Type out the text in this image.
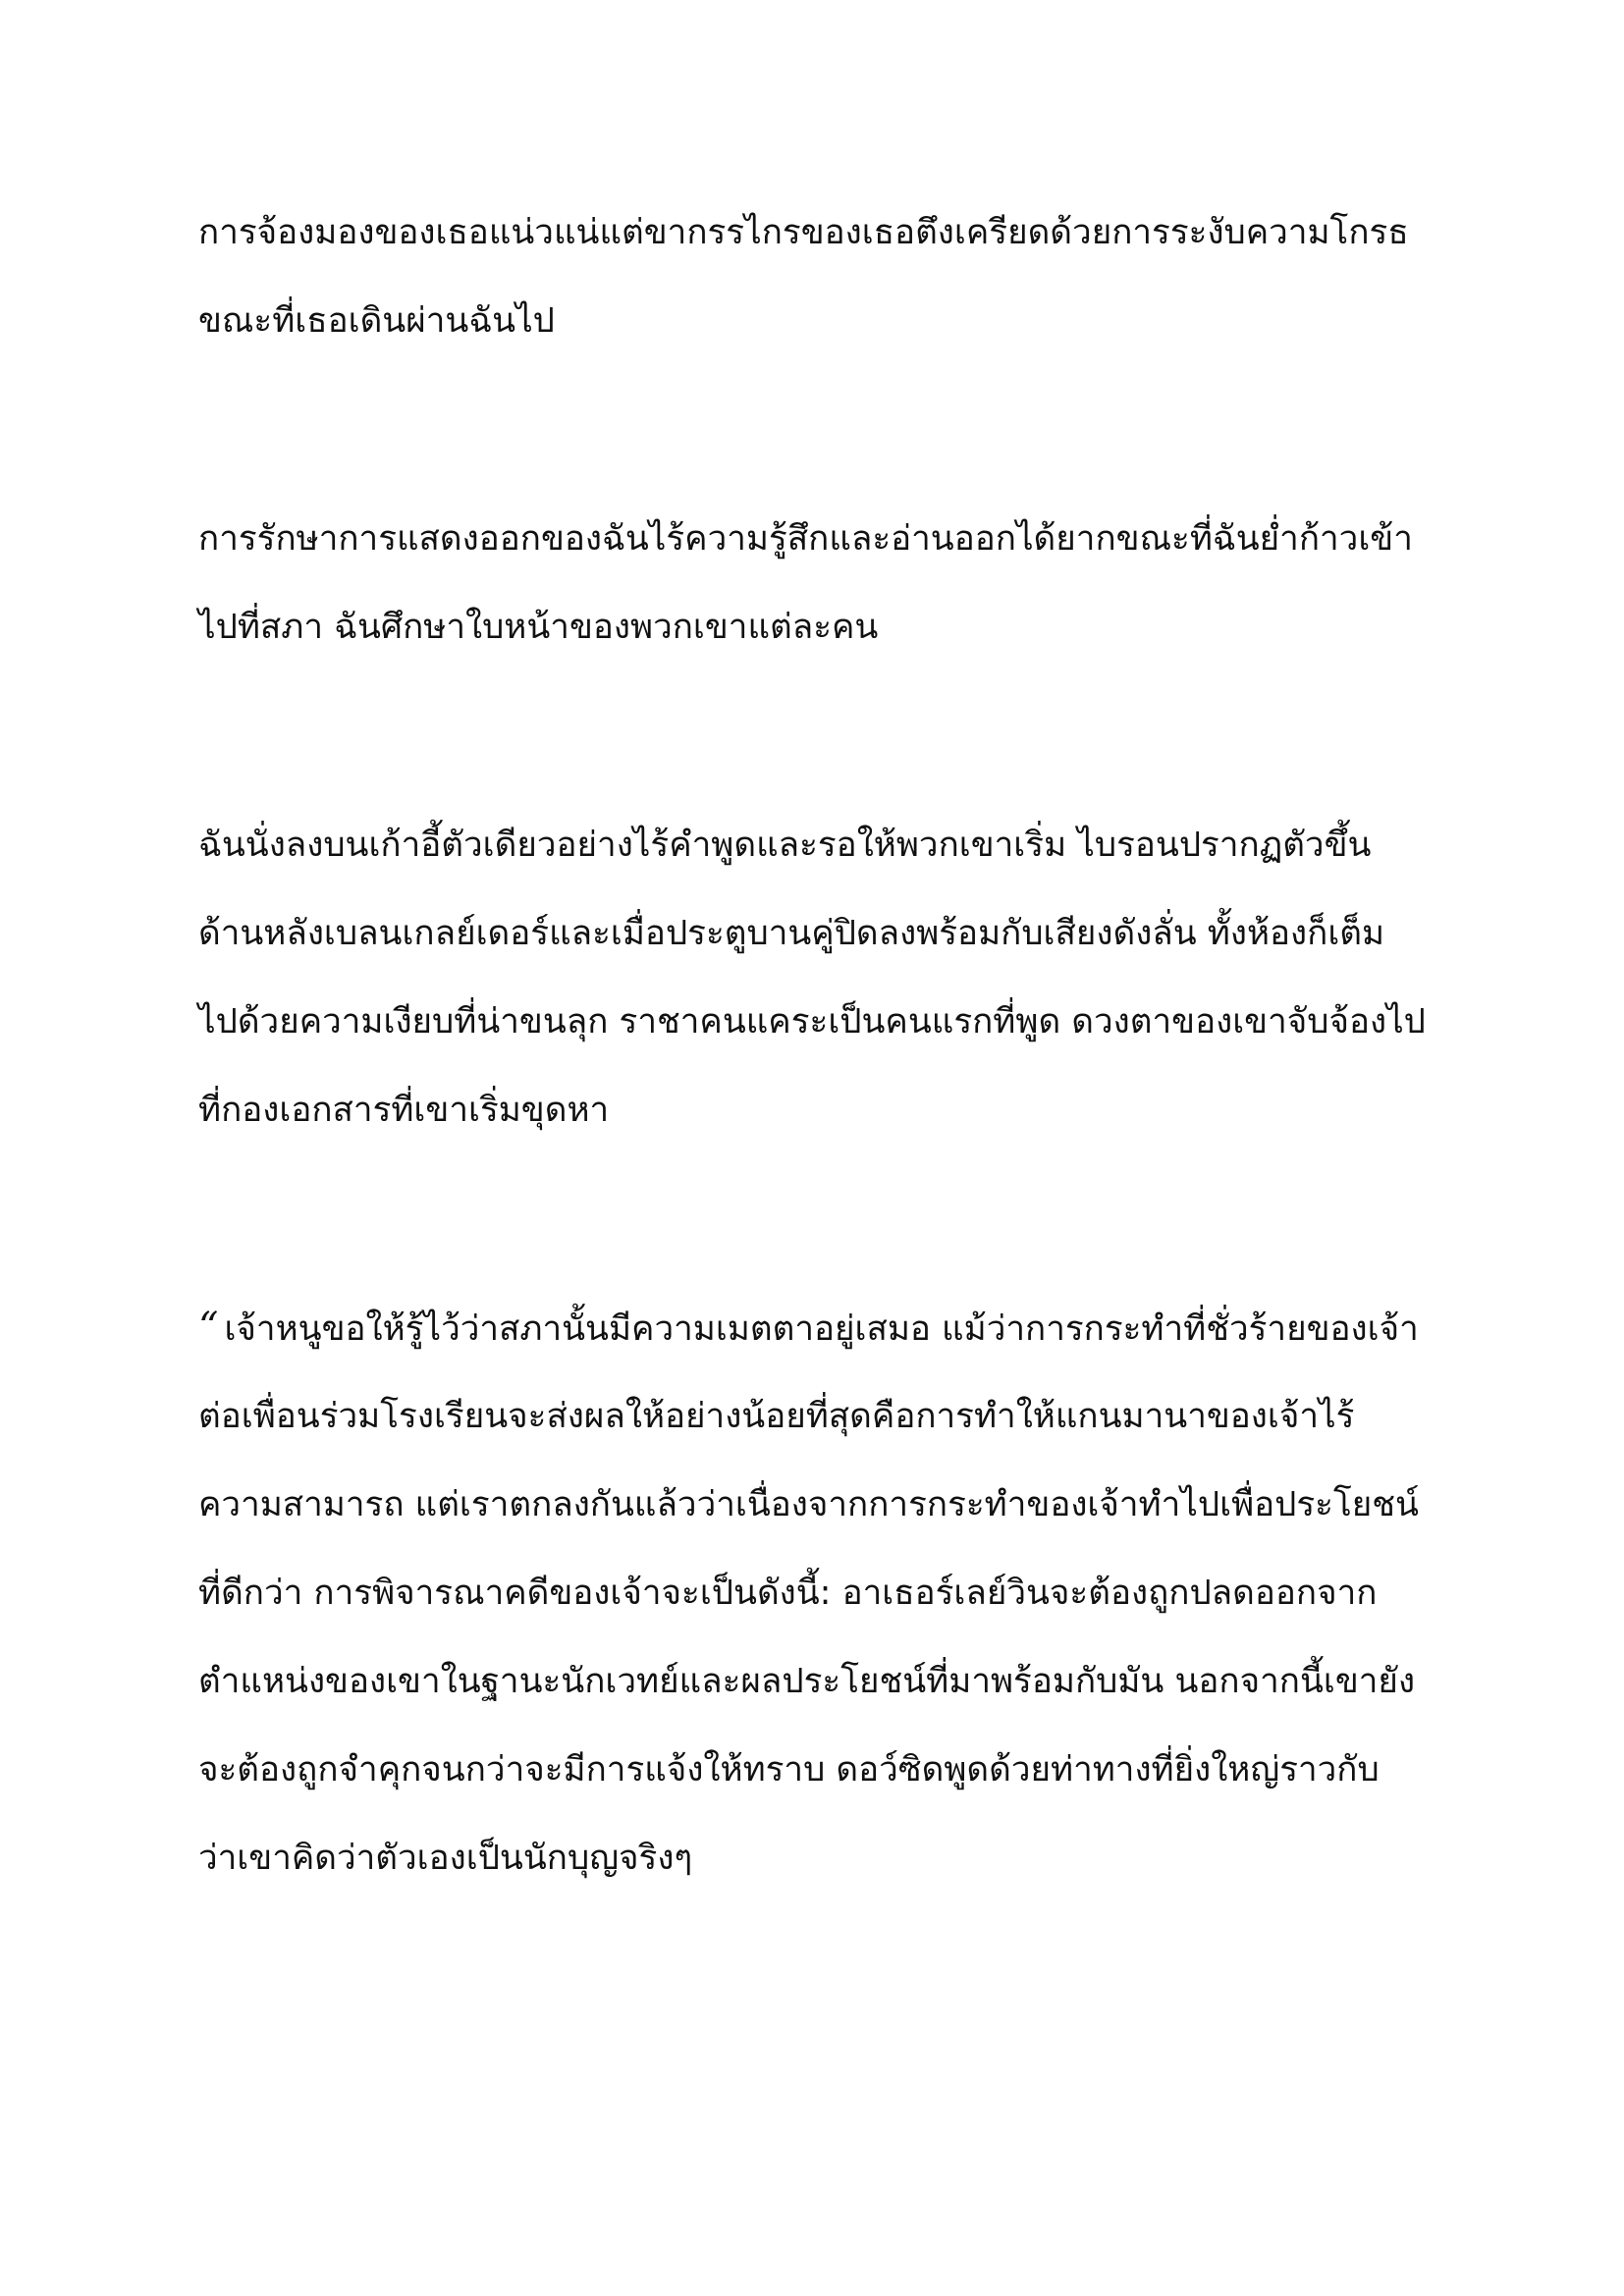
การจ้องมองของเธอแน่วแน่แต่ขากรรไกรของเธอตึงเครียดด้วยการระงับความโกรธ

ขณะที่เธอเดินผ่านฉันไป

การรักษาการแสดงออกของฉันไร้ความรู้สึกและอ่านออกได้ยากขณะที่ฉันย่ำก้าวเข้า

ไปที่สภา ฉันศึกษาใบหน้าของพวกเขาแต่ละคน

ฉันนั่งลงบนเก้าอี้ตัวเดียวอย่างไร้คำพูดและรอให้พวกเขาเริ่ม ไบรอนปรากฏตัวขึ้น

ด้านหลังเบลนเกลย์เดอร์และเมื่อประตูบานคู่ปิดลงพร้อมกับเสียงดังลั่น ทั้งห้องก็เต็ม

ไปด้วยความเงียบที่น่าขนลุก ราชาคนแคระเป็นคนแรกที่พูด ดวงตาของเขาจับจ้องไป

ที่กองเอกสารที่เขาเริ่มขุดหา

“ เจ้าหนูขอให้รู้ไว้ว่าสภานั้นมีความเมตตาอยู่เสมอ แม้ว่าการกระทำที่ชั่วร้ายของเจ้า

ต่อเพื่อนร่วมโรงเรียนจะส่งผลให้อย่างน้อยที่สุดคือการทำให้แกนมานาของเจ้าไร้

ความสามารถ แต่เราตกลงกันแล้วว่าเนื่องจากการกระทำของเจ้าทำไปเพื่อประโยชน์

ที่ดีกว่า การพิจารณาคดีของเจ้าจะเป็นดังนี้: อาเธอร์เลย์วินจะต้องถูกปลดออกจาก

ตำแหน่งของเขาในฐานะนักเวทย์และผลประโยชน์ที่มาพร้อมกับมัน นอกจากนี้เขายัง

จะต้องถูกจำคุกจนกว่าจะมีการแจ้งให้ทราบ ดอว์ซิดพูดด้วยท่าทางที่ยิ่งใหญ่ราวกับ

ว่าเขาคิดว่าตัวเองเป็นนักบุญจริงๆ
